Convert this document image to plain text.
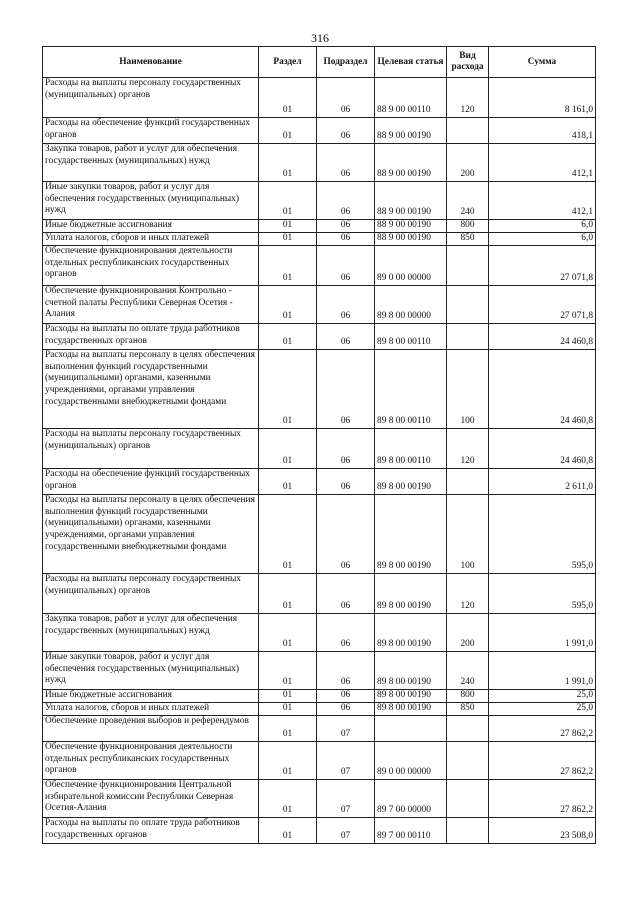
316
Наименование	Раздел	Подраздел	Целевая статья	Вид расхода	Сумма
Расходы на выплаты персоналу государственных (муниципальных) органов	01	06	88 9 00 00110	120	8 161,0
Расходы на обеспечение функций государственных органов	01	06	88 9 00 00190		418,1
Закупка товаров, работ и услуг для обеспечения государственных (муниципальных) нужд	01	06	88 9 00 00190	200	412,1
Иные закупки товаров, работ и услуг для обеспечения государственных (муниципальных) нужд	01	06	88 9 00 00190	240	412,1
Иные бюджетные ассигнования	01	06	88 9 00 00190	800	6,0
Уплата налогов, сборов и иных платежей	01	06	88 9 00 00190	850	6,0
Обеспечение функционирования деятельности отдельных республиканских государственных органов	01	06	89 0 00 00000		27 071,8
Обеспечение функционирования Контрольно - счетной палаты Республики Северная Осетия - Алания	01	06	89 8 00 00000		27 071,8
Расходы на выплаты по оплате труда работников государственных органов	01	06	89 8 00 00110		24 460,8
Расходы на выплаты персоналу в целях обеспечения выполнения функций государственными (муниципальными) органами, казенными учреждениями, органами управления государственными внебюджетными фондами	01	06	89 8 00 00110	100	24 460,8
Расходы на выплаты персоналу государственных (муниципальных) органов	01	06	89 8 00 00110	120	24 460,8
Расходы на обеспечение функций государственных органов	01	06	89 8 00 00190		2 611,0
Расходы на выплаты персоналу в целях обеспечения выполнения функций государственными (муниципальными) органами, казенными учреждениями, органами управления государственными внебюджетными фондами	01	06	89 8 00 00190	100	595,0
Расходы на выплаты персоналу государственных (муниципальных) органов	01	06	89 8 00 00190	120	595,0
Закупка товаров, работ и услуг для обеспечения государственных (муниципальных) нужд	01	06	89 8 00 00190	200	1 991,0
Иные закупки товаров, работ и услуг для обеспечения государственных (муниципальных) нужд	01	06	89 8 00 00190	240	1 991,0
Иные бюджетные ассигнования	01	06	89 8 00 00190	800	25,0
Уплата налогов, сборов и иных платежей	01	06	89 8 00 00190	850	25,0
Обеспечение проведения выборов и референдумов	01	07			27 862,2
Обеспечение функционирования деятельности отдельных республиканских государственных органов	01	07	89 0 00 00000		27 862,2
Обеспечение функционирования Центральной избирательной комиссии Республики Северная Осетия-Алания	01	07	89 7 00 00000		27 862,2
Расходы на выплаты по оплате труда работников государственных органов	01	07	89 7 00 00110		23 508,0
